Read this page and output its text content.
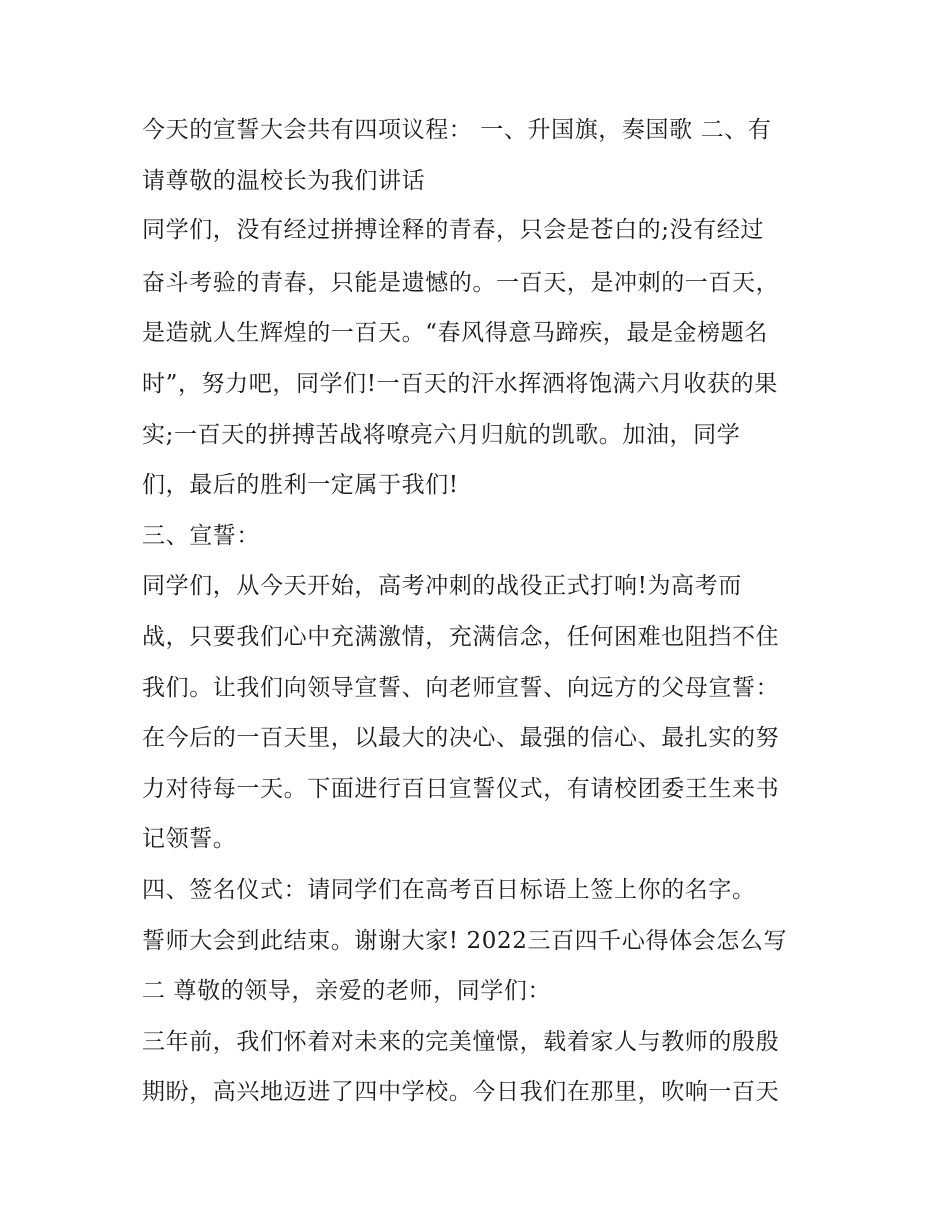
今天的宣誓大会共有四项议程： 一、升国旗，奏国歌 二、有
请尊敬的温校长为我们讲话
同学们，没有经过拼搏诠释的青春，只会是苍白的;没有经过
奋斗考验的青春，只能是遗憾的。一百天，是冲刺的一百天，
是造就人生辉煌的一百天。“春风得意马蹄疾，最是金榜题名
时”，努力吧，同学们!一百天的汗水挥洒将饱满六月收获的果
实;一百天的拼搏苦战将嘹亮六月归航的凯歌。加油，同学
们，最后的胜利一定属于我们!
三、宣誓：
同学们，从今天开始，高考冲刺的战役正式打响!为高考而
战，只要我们心中充满激情，充满信念，任何困难也阻挡不住
我们。让我们向领导宣誓、向老师宣誓、向远方的父母宣誓：
在今后的一百天里，以最大的决心、最强的信心、最扎实的努
力对待每一天。下面进行百日宣誓仪式，有请校团委王生来书
记领誓。
四、签名仪式：请同学们在高考百日标语上签上你的名字。
誓师大会到此结束。谢谢大家! 2022三百四千心得体会怎么写
二 尊敬的领导，亲爱的老师，同学们：
三年前，我们怀着对未来的完美憧憬，载着家人与教师的殷殷
期盼，高兴地迈进了四中学校。今日我们在那里，吹响一百天
